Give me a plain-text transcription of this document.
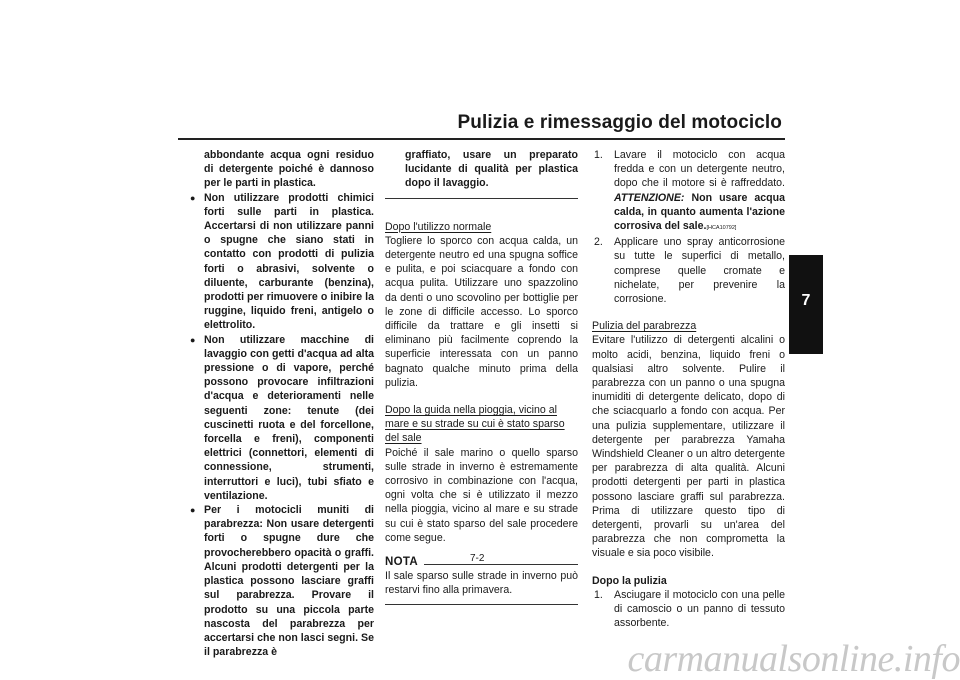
Pulizia e rimessaggio del motociclo
7
abbondante acqua ogni residuo di detergente poiché è dannoso per le parti in plastica.
● Non utilizzare prodotti chimici forti sulle parti in plastica. Accertarsi di non utilizzare panni o spugne che siano stati in contatto con prodotti di pulizia forti o abrasivi, solvente o diluente, carburante (benzina), prodotti per rimuovere o inibire la ruggine, liquido freni, antigelo o elettrolito.
● Non utilizzare macchine di lavaggio con getti d'acqua ad alta pressione o di vapore, perché possono provocare infiltrazioni d'acqua e deterioramenti nelle seguenti zone: tenute (dei cuscinetti ruota e del forcellone, forcella e freni), componenti elettrici (connettori, elementi di connessione, strumenti, interruttori e luci), tubi sfiato e ventilazione.
● Per i motocicli muniti di parabrezza: Non usare detergenti forti o spugne dure che provocherebbero opacità o graffi. Alcuni prodotti detergenti per la plastica possono lasciare graffi sul parabrezza. Provare il prodotto su una piccola parte nascosta del parabrezza per accertarsi che non lasci segni. Se il parabrezza è
graffiato, usare un preparato lucidante di qualità per plastica dopo il lavaggio.
Dopo l'utilizzo normale
Togliere lo sporco con acqua calda, un detergente neutro ed una spugna soffice e pulita, e poi sciacquare a fondo con acqua pulita. Utilizzare uno spazzolino da denti o uno scovolino per bottiglie per le zone di difficile accesso. Lo sporco difficile da trattare e gli insetti si eliminano più facilmente coprendo la superficie interessata con un panno bagnato qualche minuto prima della pulizia.
Dopo la guida nella pioggia, vicino al mare e su strade su cui è stato sparso del sale
Poiché il sale marino o quello sparso sulle strade in inverno è estremamente corrosivo in combinazione con l'acqua, ogni volta che si è utilizzato il mezzo nella pioggia, vicino al mare e su strade su cui è stato sparso del sale procedere come segue.
NOTA
Il sale sparso sulle strade in inverno può restarvi fino alla primavera.
1. Lavare il motociclo con acqua fredda e con un detergente neutro, dopo che il motore si è raffreddato. ATTENZIONE: Non usare acqua calda, in quanto aumenta l'azione corrosiva del sale.[HCA10792]
2. Applicare uno spray anticorrosione su tutte le superfici di metallo, comprese quelle cromate e nichelate, per prevenire la corrosione.
Pulizia del parabrezza
Evitare l'utilizzo di detergenti alcalini o molto acidi, benzina, liquido freni o qualsiasi altro solvente. Pulire il parabrezza con un panno o una spugna inumiditi di detergente delicato, dopo di che sciacquarlo a fondo con acqua. Per una pulizia supplementare, utilizzare il detergente per parabrezza Yamaha Windshield Cleaner o un altro detergente per parabrezza di alta qualità. Alcuni prodotti detergenti per parti in plastica possono lasciare graffi sul parabrezza. Prima di utilizzare questo tipo di detergenti, provarli su un'area del parabrezza che non comprometta la visuale e sia poco visibile.
Dopo la pulizia
1. Asciugare il motociclo con una pelle di camoscio o un panno di tessuto assorbente.
7-2
carmanualsonline.info
